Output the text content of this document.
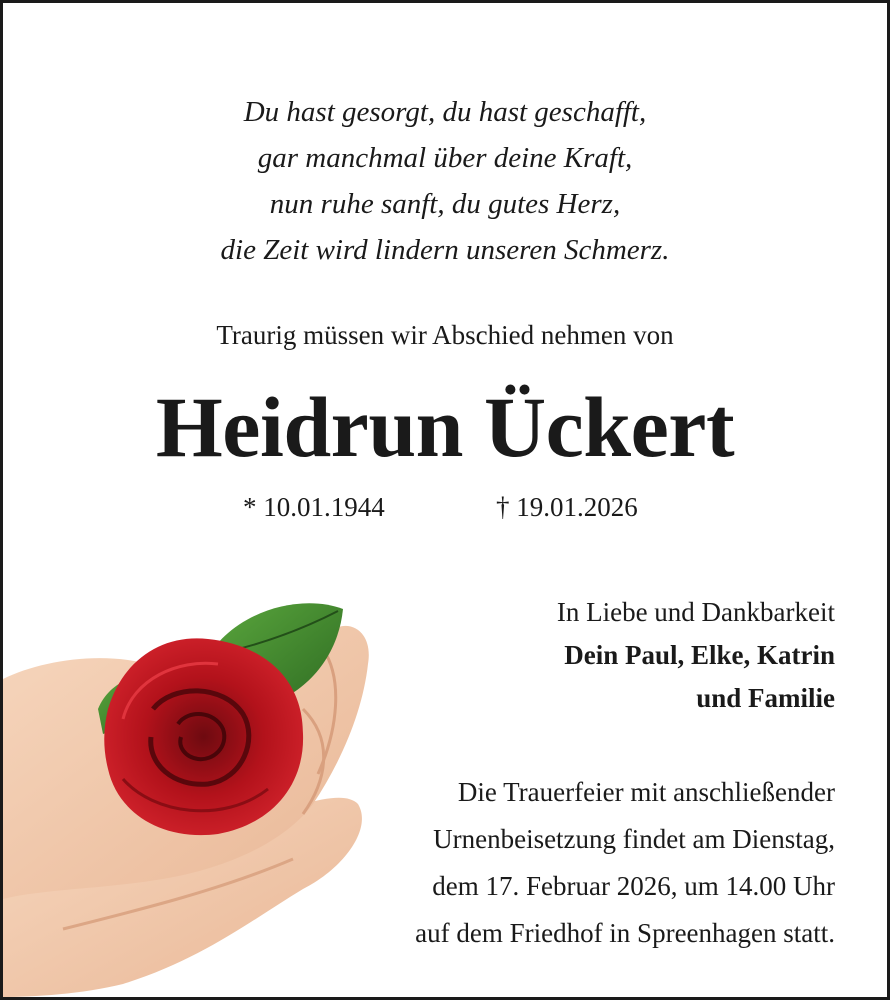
Du hast gesorgt, du hast geschafft,
gar manchmal über deine Kraft,
nun ruhe sanft, du gutes Herz,
die Zeit wird lindern unseren Schmerz.
Traurig müssen wir Abschied nehmen von
Heidrun Ückert
* 10.01.1944	† 19.01.2026
In Liebe und Dankbarkeit
Dein Paul, Elke, Katrin
und Familie
Die Trauerfeier mit anschließender
Urnenbeisetzung findet am Dienstag,
dem 17. Februar 2026, um 14.00 Uhr
auf dem Friedhof in Spreenhagen statt.
